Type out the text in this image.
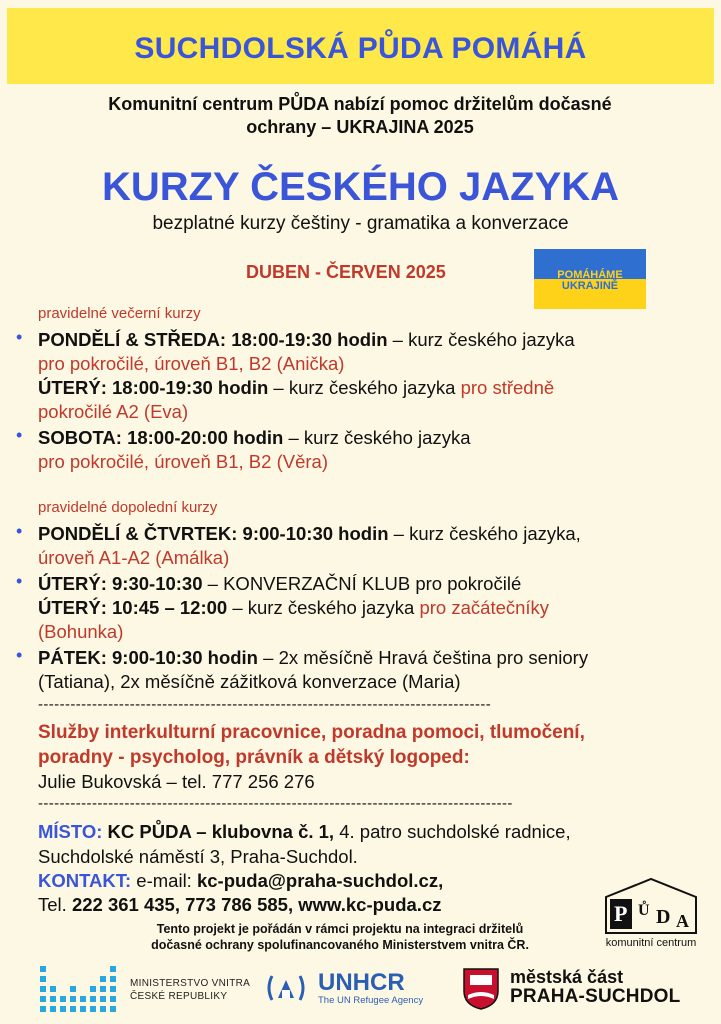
SUCHDOLSKÁ PŮDA POMÁHÁ
Komunitní centrum PŮDA nabízí pomoc držitelům dočasné
ochrany – UKRAJINA 2025
KURZY ČESKÉHO JAZYKA
bezplatné kurzy češtiny - gramatika a konverzace
DUBEN - ČERVEN 2025	POMÁHÁME
UKRAJINĚ
pravidelné večerní kurzy
• PONDĚLÍ & STŘEDA: 18:00-19:30 hodin – kurz českého jazyka
pro pokročilé, úroveň B1, B2 (Anička)
ÚTERÝ: 18:00-19:30 hodin – kurz českého jazyka pro středně
pokročilé A2 (Eva)
• SOBOTA: 18:00-20:00 hodin – kurz českého jazyka
pro pokročilé, úroveň B1, B2 (Věra)
pravidelné dopolední kurzy
• PONDĚLÍ & ČTVRTEK: 9:00-10:30 hodin – kurz českého jazyka,
úroveň A1-A2 (Amálka)
• ÚTERÝ: 9:30-10:30 – KONVERZAČNÍ KLUB pro pokročilé
ÚTERÝ: 10:45 – 12:00 – kurz českého jazyka pro začátečníky
(Bohunka)
• PÁTEK: 9:00-10:30 hodin – 2x měsíčně Hravá čeština pro seniory
(Tatiana), 2x měsíčně zážitková konverzace (Maria)
------------------------------------------------------------------------------------
Služby interkulturní pracovnice, poradna pomoci, tlumočení,
poradny - psycholog, právník a dětský logoped:
Julie Bukovská – tel. 777 256 276
----------------------------------------------------------------------------------------
MÍSTO: KC PŮDA – klubovna č. 1, 4. patro suchdolské radnice,
Suchdolské náměstí 3, Praha-Suchdol.
KONTAKT: e-mail: kc-puda@praha-suchdol.cz,
Tel. 222 361 435, 773 786 585, www.kc-puda.cz	P Ů D A
komunitní centrum
Tento projekt je pořádán v rámci projektu na integraci držitelů
dočasné ochrany spolufinancovaného Ministerstvem vnitra ČR.
MINISTERSTVO VNITRA
ČESKÉ REPUBLIKY
UNHCR
The UN Refugee Agency
městská část
PRAHA-SUCHDOL
